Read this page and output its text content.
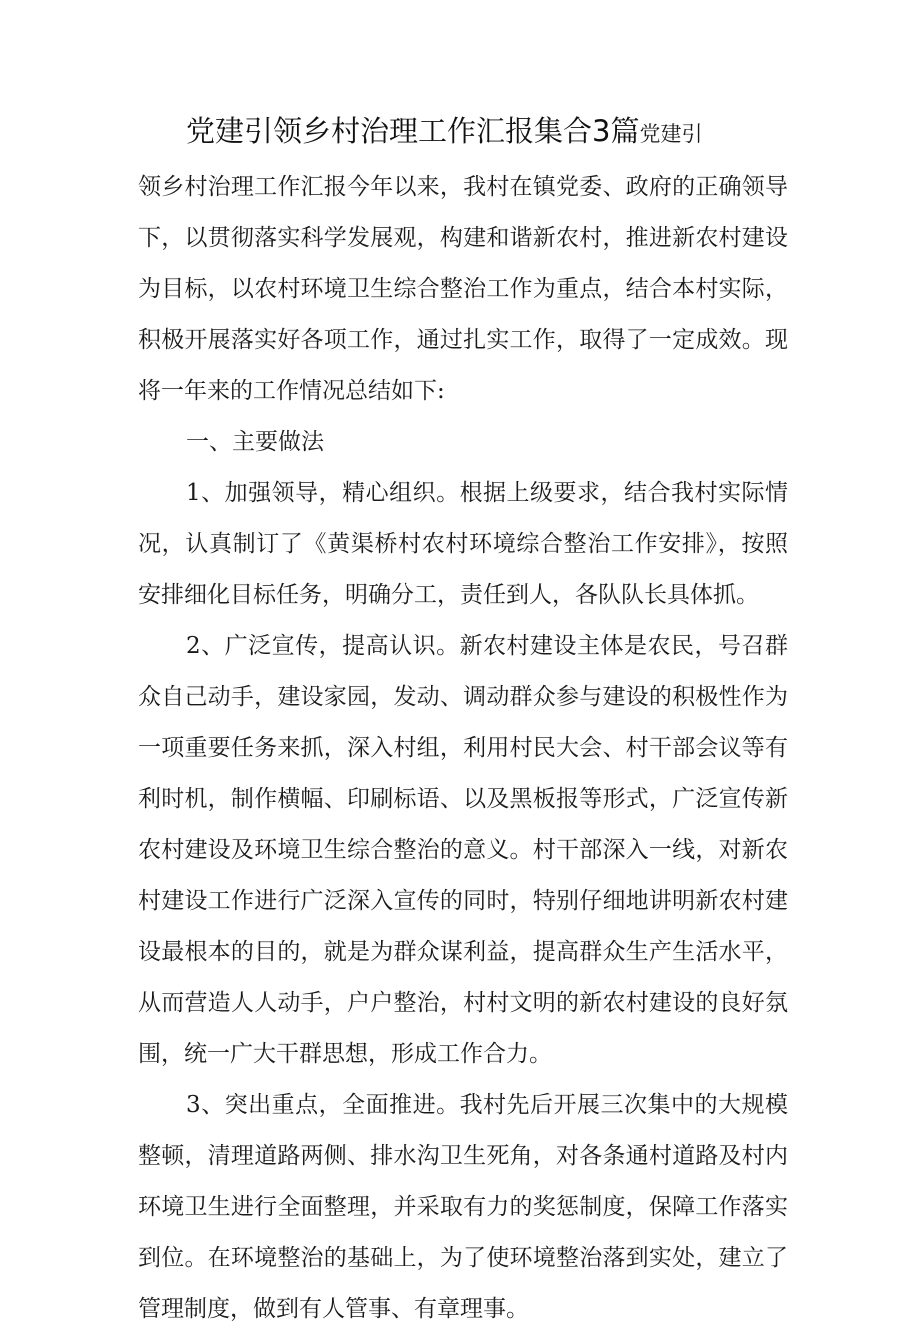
党建引领乡村治理工作汇报集合3篇党建引
领乡村治理工作汇报今年以来，我村在镇党委、政府的正确领导
下，以贯彻落实科学发展观，构建和谐新农村，推进新农村建设
为目标，以农村环境卫生综合整治工作为重点，结合本村实际，
积极开展落实好各项工作，通过扎实工作，取得了一定成效。现
将一年来的工作情况总结如下:
一、主要做法
1、加强领导，精心组织。根据上级要求，结合我村实际情
况，认真制订了《黄渠桥村农村环境综合整治工作安排》，按照
安排细化目标任务，明确分工，责任到人，各队队长具体抓。
2、广泛宣传，提高认识。新农村建设主体是农民，号召群
众自己动手，建设家园，发动、调动群众参与建设的积极性作为
一项重要任务来抓，深入村组，利用村民大会、村干部会议等有
利时机，制作横幅、印刷标语、以及黑板报等形式，广泛宣传新
农村建设及环境卫生综合整治的意义。村干部深入一线，对新农
村建设工作进行广泛深入宣传的同时，特别仔细地讲明新农村建
设最根本的目的，就是为群众谋利益，提高群众生产生活水平，
从而营造人人动手，户户整治，村村文明的新农村建设的良好氛
围，统一广大干群思想，形成工作合力。
3、突出重点，全面推进。我村先后开展三次集中的大规模
整顿，清理道路两侧、排水沟卫生死角，对各条通村道路及村内
环境卫生进行全面整理，并采取有力的奖惩制度，保障工作落实
到位。在环境整治的基础上，为了使环境整治落到实处，建立了
管理制度，做到有人管事、有章理事。
